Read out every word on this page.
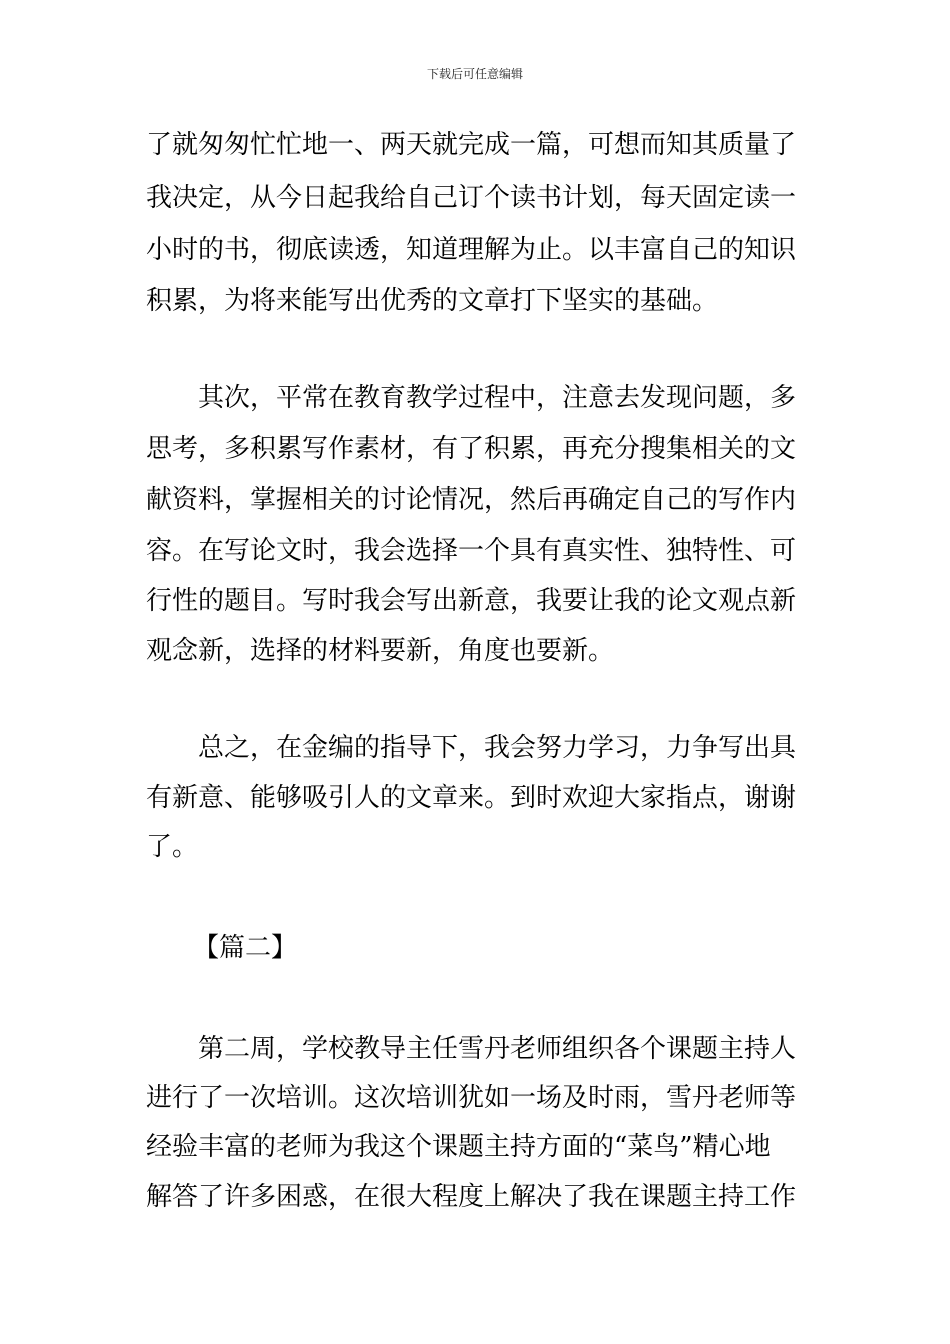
下载后可任意编辑
了就匆匆忙忙地一、两天就完成一篇，可想而知其质量了
我决定，从今日起我给自己订个读书计划，每天固定读一
小时的书，彻底读透，知道理解为止。以丰富自己的知识
积累，为将来能写出优秀的文章打下坚实的基础。
其次，平常在教育教学过程中，注意去发现问题，多
思考，多积累写作素材，有了积累，再充分搜集相关的文
献资料，掌握相关的讨论情况，然后再确定自己的写作内
容。在写论文时，我会选择一个具有真实性、独特性、可
行性的题目。写时我会写出新意，我要让我的论文观点新
观念新，选择的材料要新，角度也要新。
总之，在金编的指导下，我会努力学习，力争写出具
有新意、能够吸引人的文章来。到时欢迎大家指点，谢谢
了。
【篇二】
第二周，学校教导主任雪丹老师组织各个课题主持人
进行了一次培训。这次培训犹如一场及时雨，雪丹老师等
经验丰富的老师为我这个课题主持方面的“菜鸟”精心地
解答了许多困惑，在很大程度上解决了我在课题主持工作
